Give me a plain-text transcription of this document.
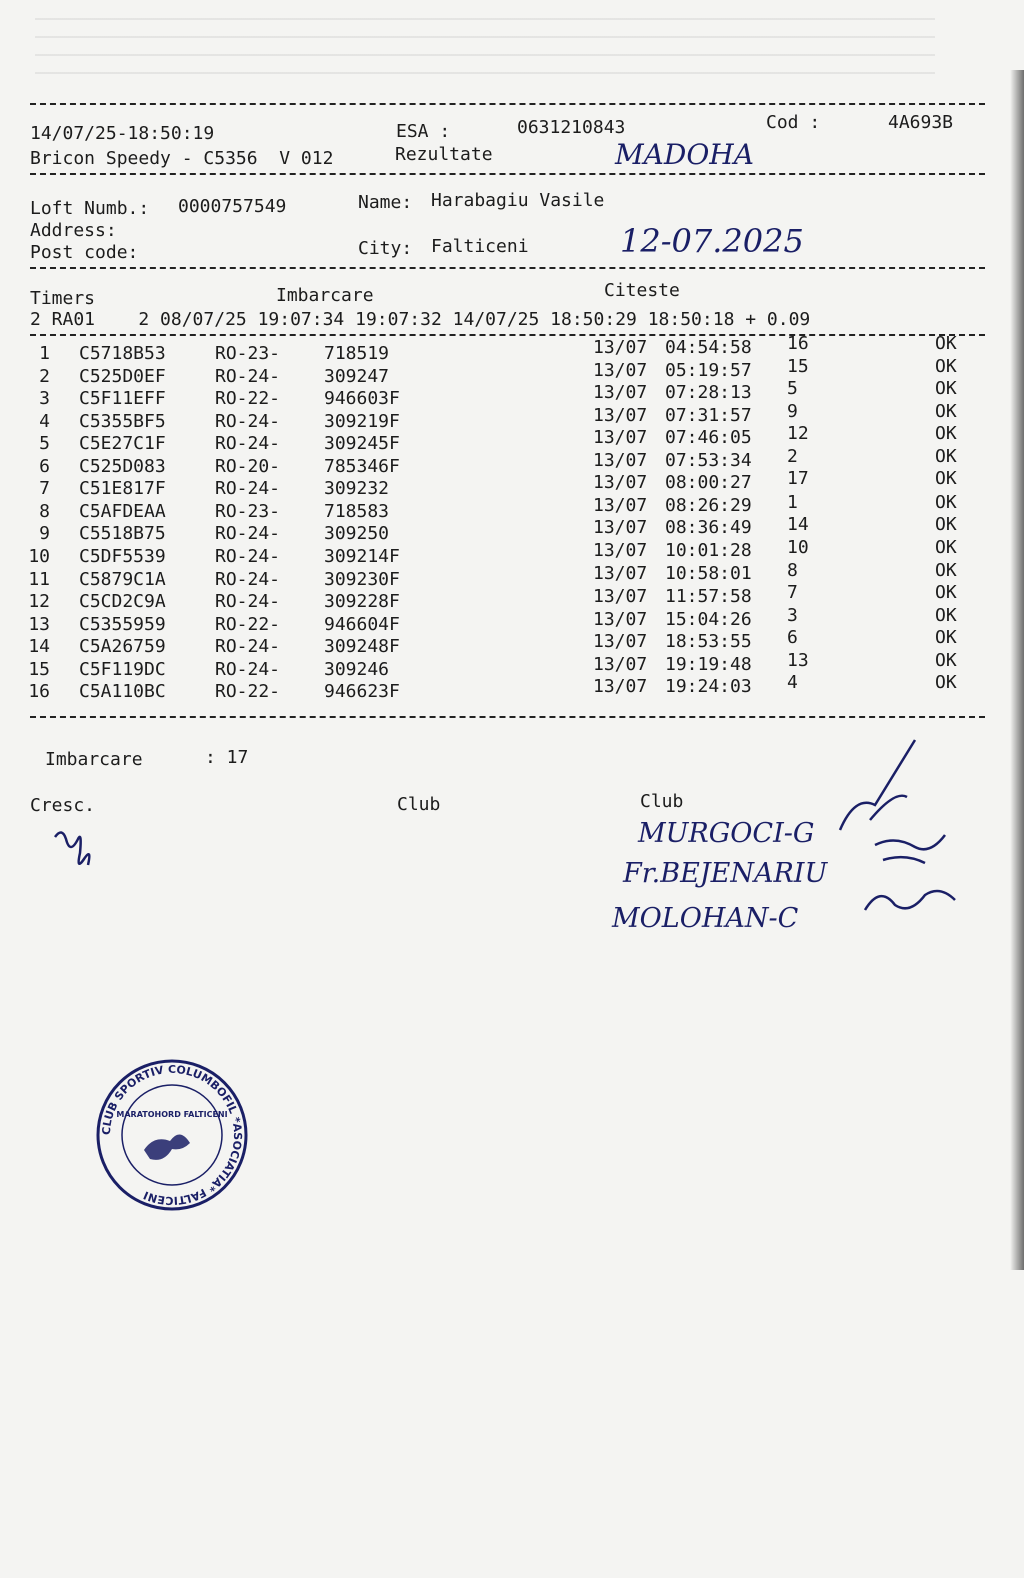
14/07/25-18:50:19	ESA :	0631210843	Cod :	4A693B
Bricon Speedy - C5356  V 012	Rezultate	MADOHA
Loft Numb.: 0000757549	Name: Harabagiu Vasile
Address:
Post code:	City: Falticeni	12-07.2025
Timers	Imbarcare	Citeste
2 RA01    2 08/07/25 19:07:34 19:07:32 14/07/25 18:50:29 18:50:18 + 0.09
1 C5718B53	RO-23- 718519	13/07 04:54:58 16	OK
2 C525D0EF	RO-24- 309247	13/07 05:19:57 15	OK
3 C5F11EFF	RO-22- 946603F	13/07 07:28:13 5	OK
4 C5355BF5	RO-24- 309219F	13/07 07:31:57 9	OK
5 C5E27C1F	RO-24- 309245F	13/07 07:46:05 12	OK
6 C525D083	RO-20- 785346F	13/07 07:53:34 2	OK
7 C51E817F	RO-24- 309232	13/07 08:00:27 17	OK
8 C5AFDEAA	RO-23- 718583	13/07 08:26:29 1	OK
9 C5518B75	RO-24- 309250	13/07 08:36:49 14	OK
10 C5DF5539	RO-24- 309214F	13/07 10:01:28 10	OK
11 C5879C1A	RO-24- 309230F	13/07 10:58:01 8	OK
12 C5CD2C9A	RO-24- 309228F	13/07 11:57:58 7	OK
13 C5355959	RO-22- 946604F	13/07 15:04:26 3	OK
14 C5A26759	RO-24- 309248F	13/07 18:53:55 6	OK
15 C5F119DC	RO-24- 309246	13/07 19:19:48 13	OK
16 C5A110BC	RO-22- 946623F	13/07 19:24:03 4	OK
Imbarcare	: 17
Cresc.	Club	Club
MURGOCI-G
Fr.BEJENARIU
MOLOHAN-C
CLUB SPORTIV COLUMBOFIL *ASOCIATIA* FALTICENI
MARATOHORD FALTICENI
